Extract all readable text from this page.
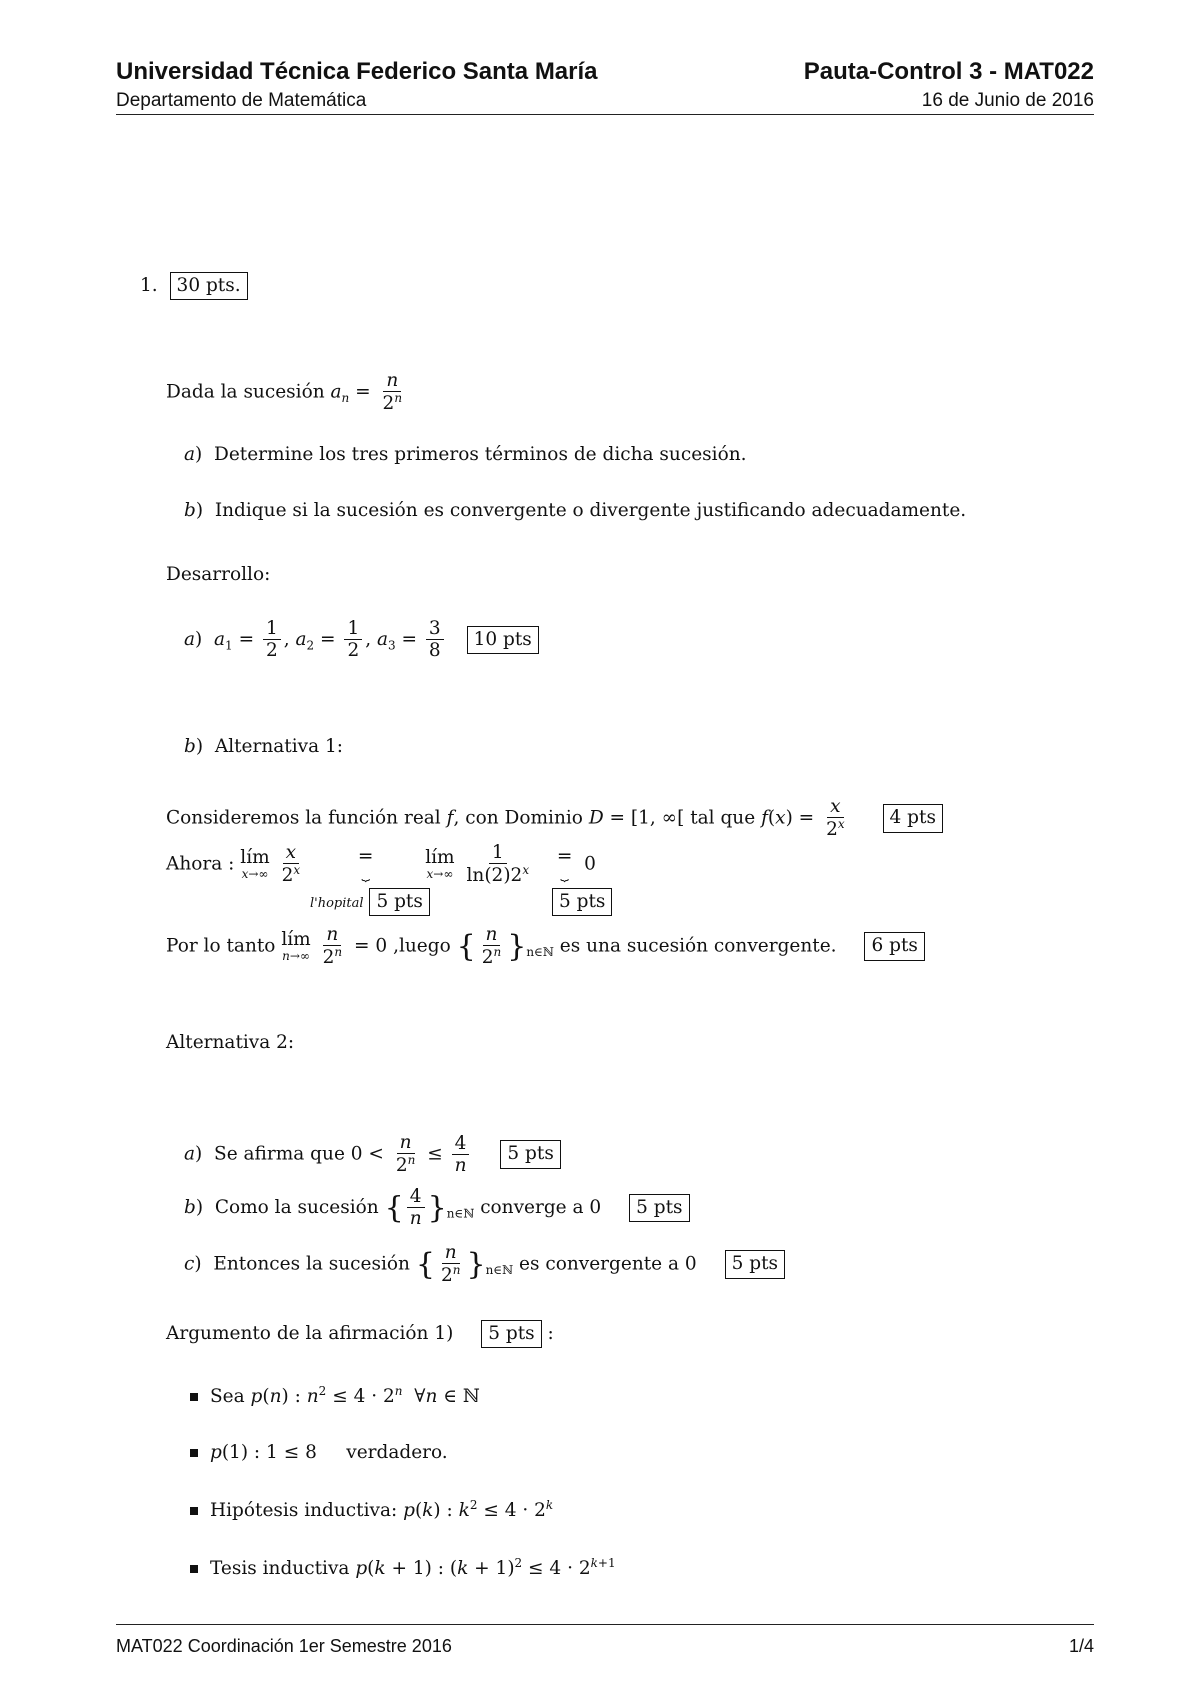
Universidad Técnica Federico Santa María	Pauta-Control 3 - MAT022
Departamento de Matemática	16 de Junio de 2016
1. 30 pts.
Dada la sucesión $a_n = \frac{n}{2^n}$
a)  Determine los tres primeros términos de dicha sucesión.
b)  Indique si la sucesión es convergente o divergente justificando adecuadamente.
Desarrollo:
a)  $a_1 = \frac{1}{2}$ , $a_2 = \frac{1}{2}$ , $a_3 = \frac{3}{8} 10$ pts
b)  Alternativa 1:
Consideremos la función real f, con Dominio D = [1, ∞[ tal que $f(x) = \frac{x}{2^x} 4$ pts
Ahora : lím
x→∞
$\frac{x}{2^x}$
	=
⏟

lím
x→∞
$\frac{1}{\ln(2)2^x}$
=
⏟ 0
l'hopital 5 pts	5 pts
Por lo tanto lím
n→∞
$\frac{n}{2^n} = 0$ ,luego { $\frac{n}{2^n} \}_{n\in ℕ}$ es una sucesión convergente. 6 pts
Alternativa 2:
a)  Se afirma que $0 < \frac{n}{2^n} \le \frac{4}{n} 5$ pts
b)  Como la sucesión { $\frac{4}{n} \}_{n\in ℕ}$ converge a 0 5 pts
c)  Entonces la sucesión { $\frac{n}{2^n} \}_{n\in ℕ}$ es convergente a 0 5 pts
Argumento de la afirmación 1) 5 pts :
Sea p(n) : $n^2 \le 4 \cdot 2^n$  ∀n ∈ ℕ
p(1) : 1 ≤ 8     verdadero.
Hipótesis inductiva: p(k) : $k^2 \le 4 \cdot 2^k$
Tesis inductiva p(k + 1) : $(k + 1)^2 \le 4 \cdot 2^{k+1}$
MAT022 Coordinación 1er Semestre 2016	1/4
